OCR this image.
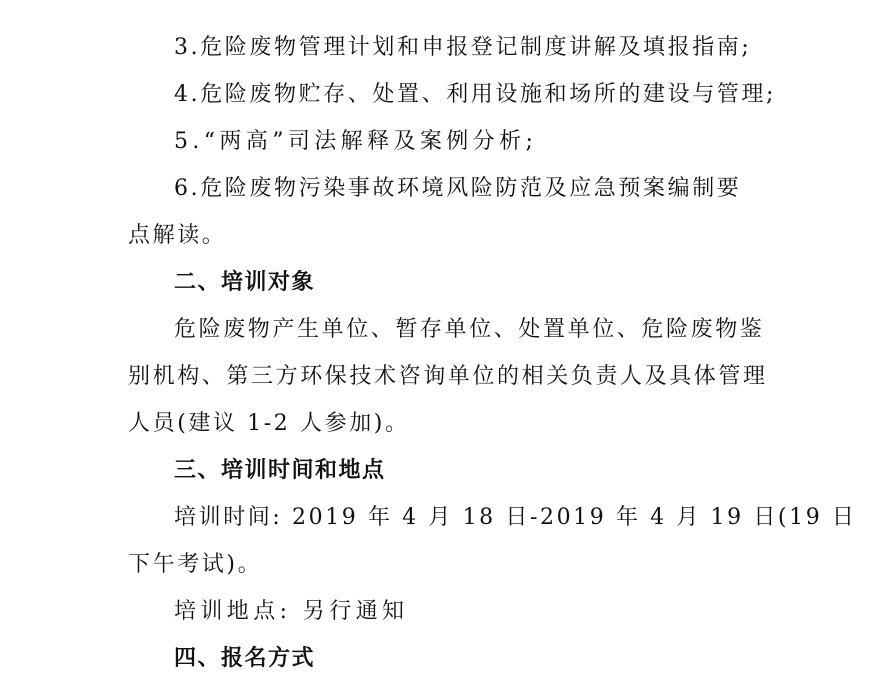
3.危险废物管理计划和申报登记制度讲解及填报指南;
4.危险废物贮存、处置、利用设施和场所的建设与管理;
5.“两高”司法解释及案例分析;
6.危险废物污染事故环境风险防范及应急预案编制要
点解读。
二、培训对象
危险废物产生单位、暂存单位、处置单位、危险废物鉴
别机构、第三方环保技术咨询单位的相关负责人及具体管理
人员(建议 1-2 人参加)。
三、培训时间和地点
培训时间: 2019 年 4 月 18 日-2019 年 4 月 19 日(19 日
下午考试)。
培训地点: 另行通知
四、报名方式
